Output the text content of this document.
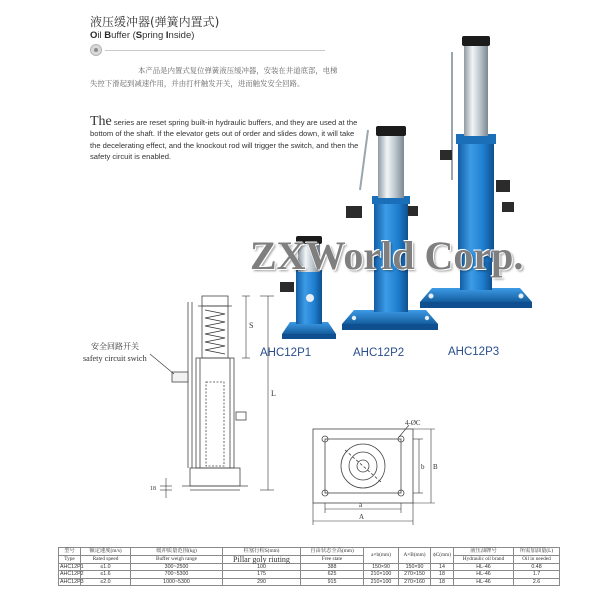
液压缓冲器(弹簧内置式)
Oil Buffer (Spring Inside)
本产品是内置式复位弹簧液压缓冲器，安装在井道底部，电梯失控下滑起到减速作用，并由打杆触发开关，进而触发安全回路。
The series are reset spring built-in hydraulic buffers, and they are used at the bottom of the shaft. If the elevator gets out of order and slides down, it will take the decelerating effect, and the knockout rod will trigger the switch, and then the safety circuit is enabled.
ZXWorld Corp.
AHC12P1	AHC12P2	AHC12P3
S
L
18
安全回路开关
safety circuit swich
4-ØC
a
A
b B
型号	额定速度(m/s)	缓冲质量范围(kg)	柱塞行程S(mm)	自由状态全高(mm)	a×b(mm)	A×B(mm)	ϕC(mm)	液压油牌号	所需加油量(L)
Type	Rated speed	Buffer weigh range	Pillar goly riuting	Free state				Hydraulic oil brand	Oil in needed
AHC12P1	≤1.0	300~2500	100	388	150×90	150×90	14	HL-46	0.48
AHC12P2	≤1.6	700~5300	175	625	210×100	270×150	18	HL-46	1.7
AHC12P3	≤2.0	1000~5300	290	915	210×100	270×160	18	HL-46	2.6
